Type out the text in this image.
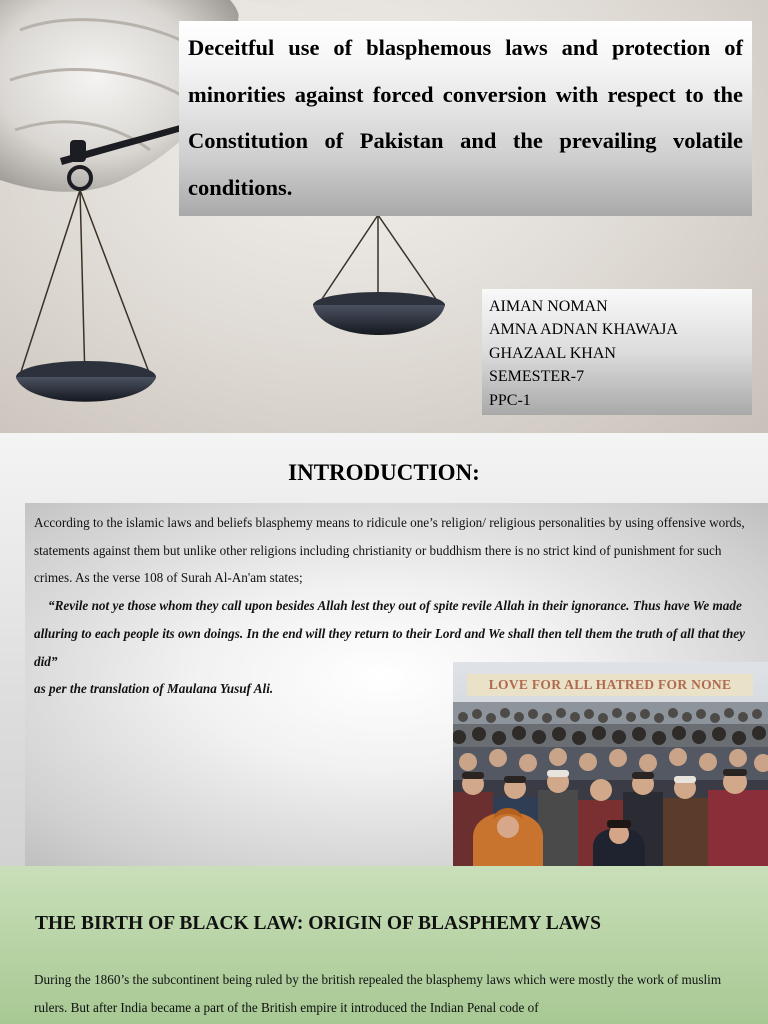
Deceitful use of blasphemous laws and protection of minorities against forced conversion with respect to the Constitution of Pakistan and the prevailing volatile conditions.

AIMAN NOMAN
AMNA ADNAN KHAWAJA
GHAZAAL KHAN
SEMESTER-7
PPC-1
INTRODUCTION:

According to the islamic laws and beliefs blasphemy means to ridicule one’s religion/ religious personalities by using offensive words, statements against them but unlike other religions including christianity or buddhism there is no strict kind of punishment for such crimes. As the verse 108 of Surah Al-An'am states;

“Revile not ye those whom they call upon besides Allah lest they out of spite revile Allah in their ignorance. Thus have We made alluring to each people its own doings. In the end will they return to their Lord and We shall then tell them the truth of all that they did”

as per the translation of Maulana Yusuf Ali.	LOVE FOR ALL HATRED FOR NONE
THE BIRTH OF BLACK LAW: ORIGIN OF BLASPHEMY LAWS

During the 1860’s the subcontinent being ruled by the british repealed the blasphemy laws which were mostly the work of muslim rulers. But after India became a part of the British empire it introduced the Indian Penal code of
